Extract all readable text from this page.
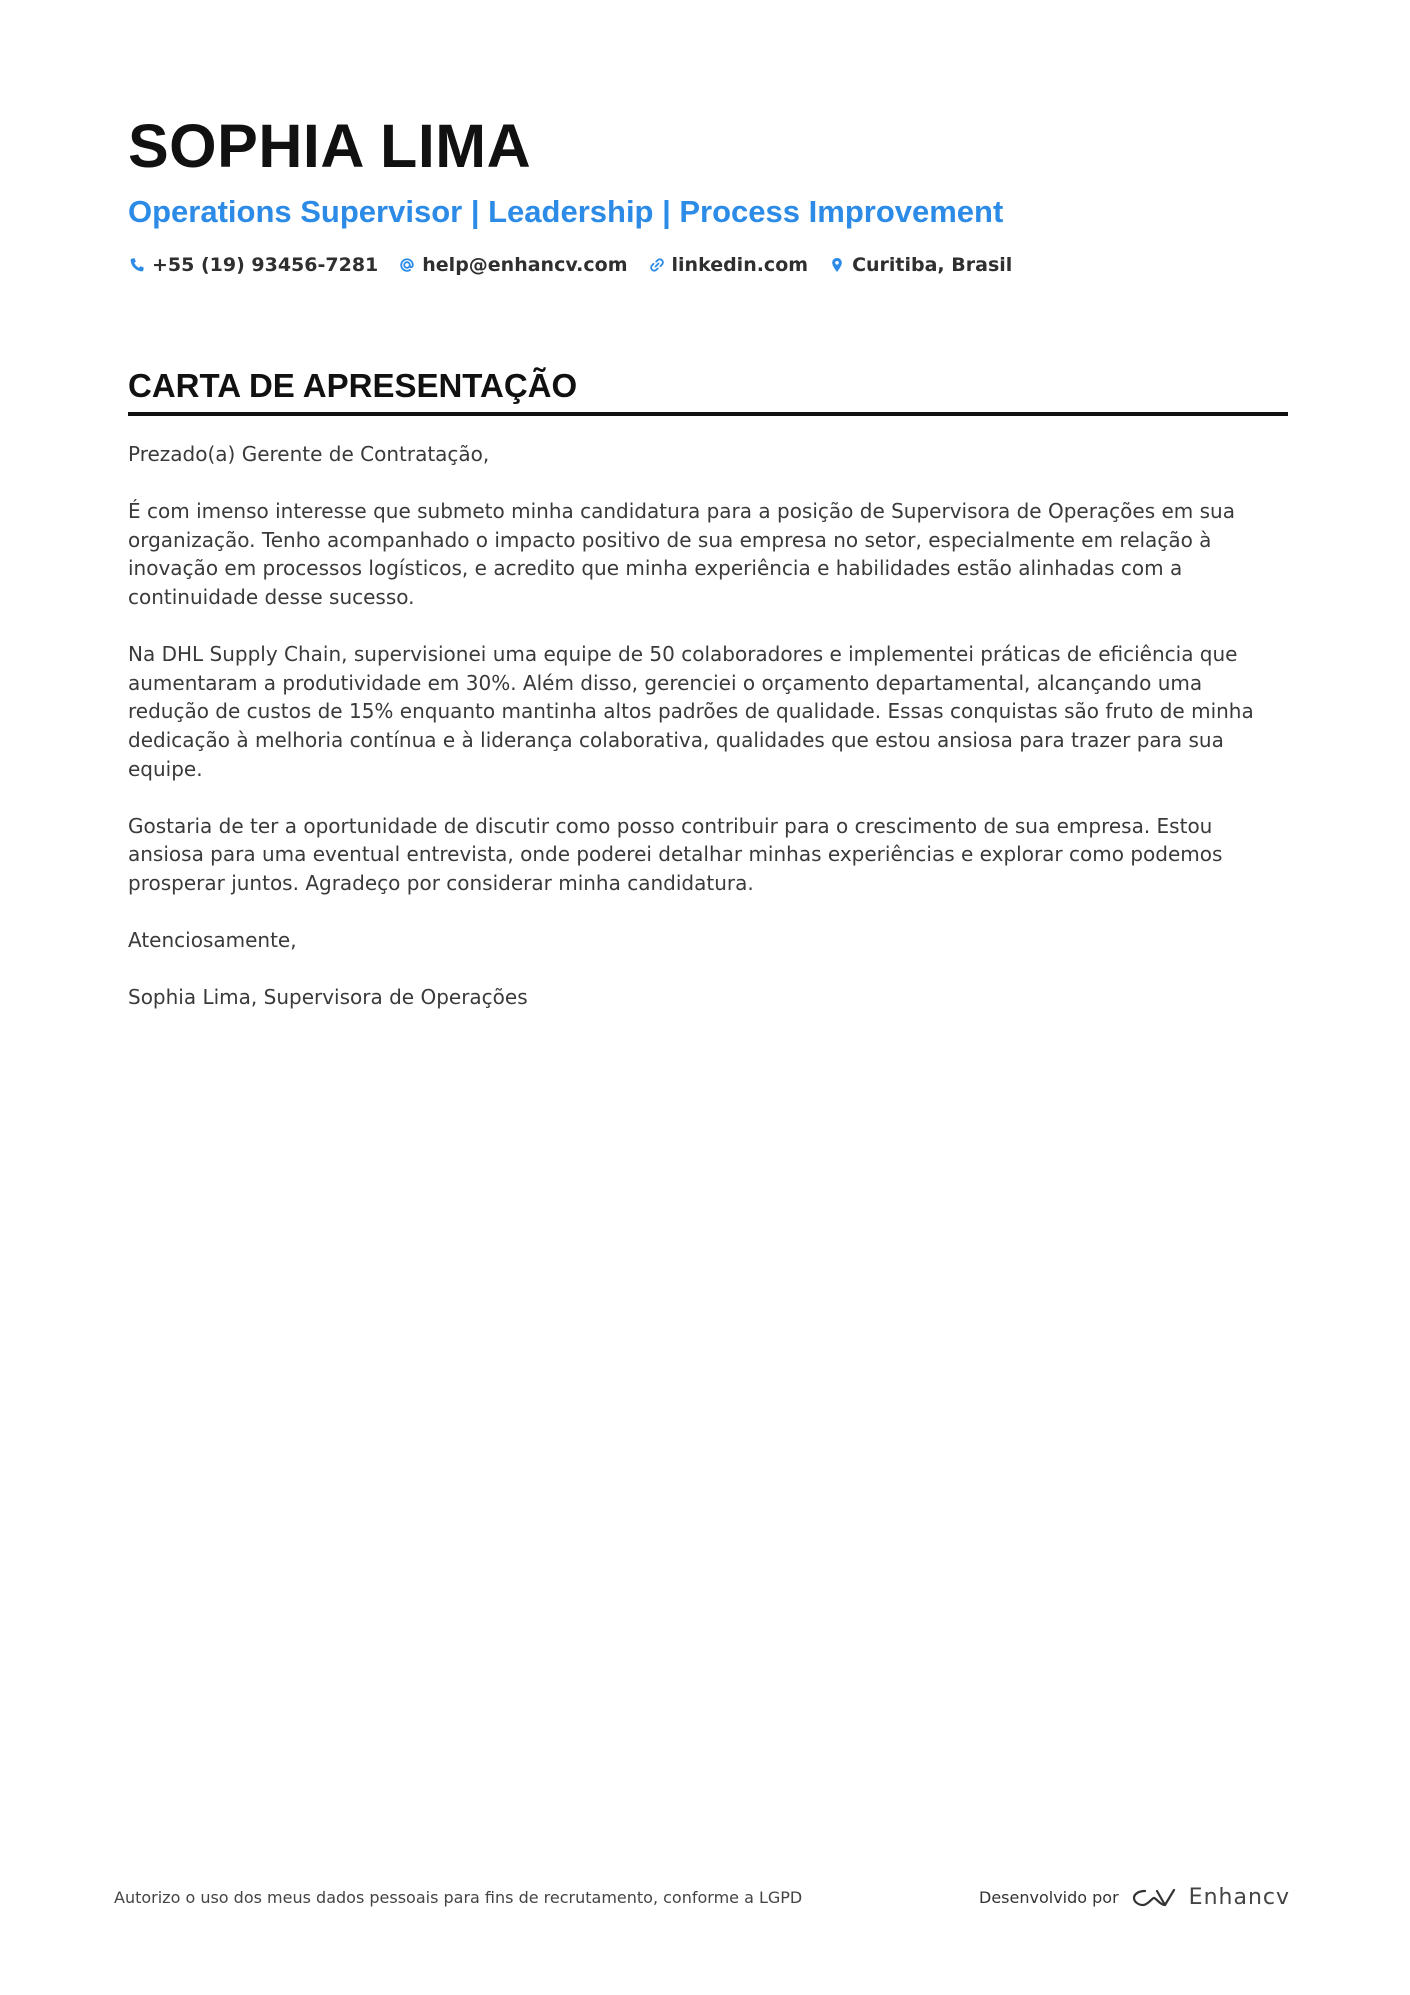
SOPHIA LIMA
Operations Supervisor | Leadership | Process Improvement
+55 (19) 93456-7281 help@enhancv.com linkedin.com Curitiba, Brasil
CARTA DE APRESENTAÇÃO

Prezado(a) Gerente de Contratação,

É com imenso interesse que submeto minha candidatura para a posição de Supervisora de Operações em sua organização. Tenho acompanhado o impacto positivo de sua empresa no setor, especialmente em relação à inovação em processos logísticos, e acredito que minha experiência e habilidades estão alinhadas com a continuidade desse sucesso.

Na DHL Supply Chain, supervisionei uma equipe de 50 colaboradores e implementei práticas de eficiência que aumentaram a produtividade em 30%. Além disso, gerenciei o orçamento departamental, alcançando uma redução de custos de 15% enquanto mantinha altos padrões de qualidade. Essas conquistas são fruto de minha dedicação à melhoria contínua e à liderança colaborativa, qualidades que estou ansiosa para trazer para sua equipe.

Gostaria de ter a oportunidade de discutir como posso contribuir para o crescimento de sua empresa. Estou ansiosa para uma eventual entrevista, onde poderei detalhar minhas experiências e explorar como podemos prosperar juntos. Agradeço por considerar minha candidatura.

Atenciosamente,

Sophia Lima, Supervisora de Operações

Autorizo o uso dos meus dados pessoais para fins de recrutamento, conforme a LGPD	Desenvolvido por	Enhancv
